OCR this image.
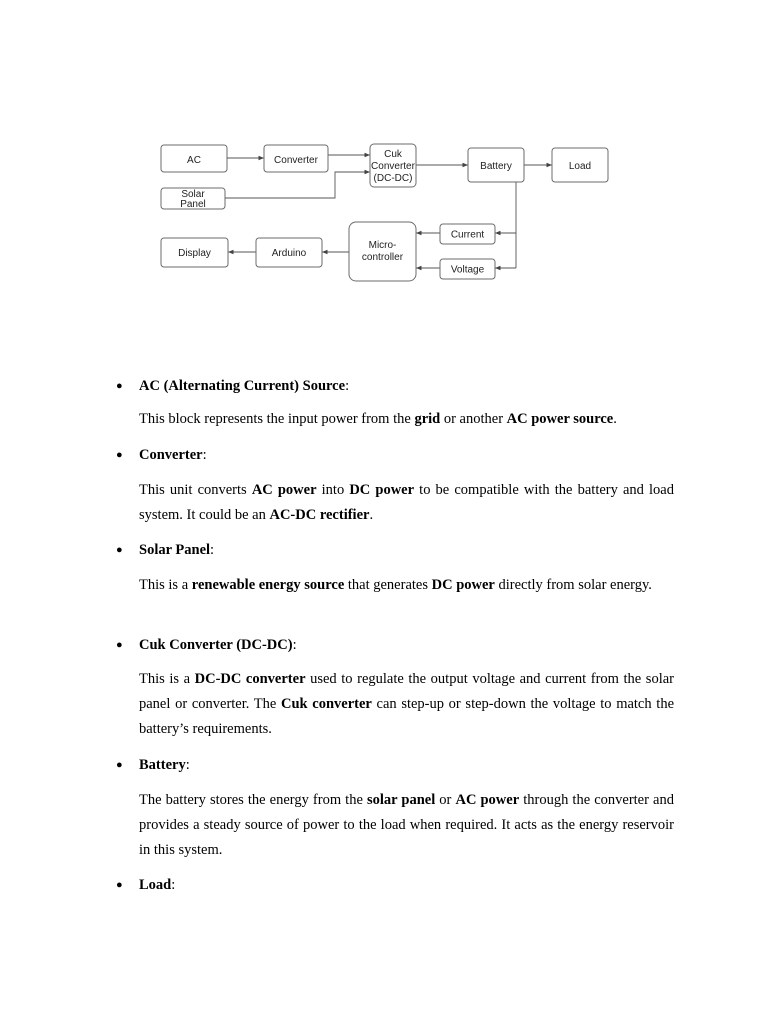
AC	Converter
Solar Panel
Cuk Converter (DC-DC)
Battery	Load
Display	Arduino
Micro-controller
Current
Voltage
● AC (Alternating Current) Source:
This block represents the input power from the grid or another AC power source.
● Converter:
This unit converts AC power into DC power to be compatible with the battery and load system. It could be an AC-DC rectifier.
● Solar Panel:
This is a renewable energy source that generates DC power directly from solar energy.
● Cuk Converter (DC-DC):
This is a DC-DC converter used to regulate the output voltage and current from the solar panel or converter. The Cuk converter can step-up or step-down the voltage to match the battery’s requirements.
● Battery:
The battery stores the energy from the solar panel or AC power through the converter and provides a steady source of power to the load when required. It acts as the energy reservoir in this system.
● Load:
